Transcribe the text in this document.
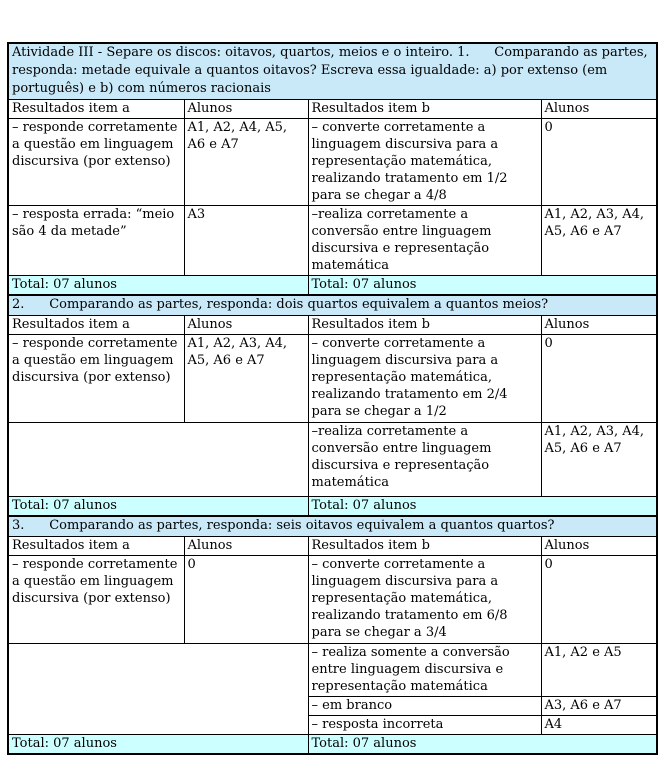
Atividade III - Separe os discos: oitavos, quartos, meios e o inteiro. 1.      Comparando as partes, responda: metade equivale a quantos oitavos? Escreva essa igualdade: a) por extenso (em português) e b) com números racionais			
Resultados item a	Alunos	Resultados item b	Alunos
– responde corretamente a questão em linguagem discursiva (por extenso)	A1, A2, A4, A5, A6 e A7	– converte corretamente a linguagem discursiva para a representação matemática, realizando tratamento em 1/2 para se chegar a 4/8	0
– resposta errada: “meio são 4 da metade”	A3	–realiza corretamente a conversão entre linguagem discursiva e representação matemática	A1, A2, A3, A4, A5, A6 e A7
Total: 07 alunos		Total: 07 alunos	
2.      Comparando as partes, responda: dois quartos equivalem a quantos meios?			
Resultados item a	Alunos	Resultados item b	Alunos
– responde corretamente a questão em linguagem discursiva (por extenso)	A1, A2, A3, A4, A5, A6 e A7	– converte corretamente a linguagem discursiva para a representação matemática, realizando tratamento em 2/4 para se chegar a 1/2	0
		–realiza corretamente a conversão entre linguagem discursiva e representação matemática	A1, A2, A3, A4, A5, A6 e A7
Total: 07 alunos		Total: 07 alunos	
3.      Comparando as partes, responda: seis oitavos equivalem a quantos quartos?			
Resultados item a	Alunos	Resultados item b	Alunos
– responde corretamente a questão em linguagem discursiva (por extenso)	0	– converte corretamente a linguagem discursiva para a representação matemática, realizando tratamento em 6/8 para se chegar a 3/4	0
		– realiza somente a conversão entre linguagem discursiva e representação matemática	A1, A2 e A5
		– em branco	A3, A6 e A7
		– resposta incorreta	A4
Total: 07 alunos		Total: 07 alunos	
